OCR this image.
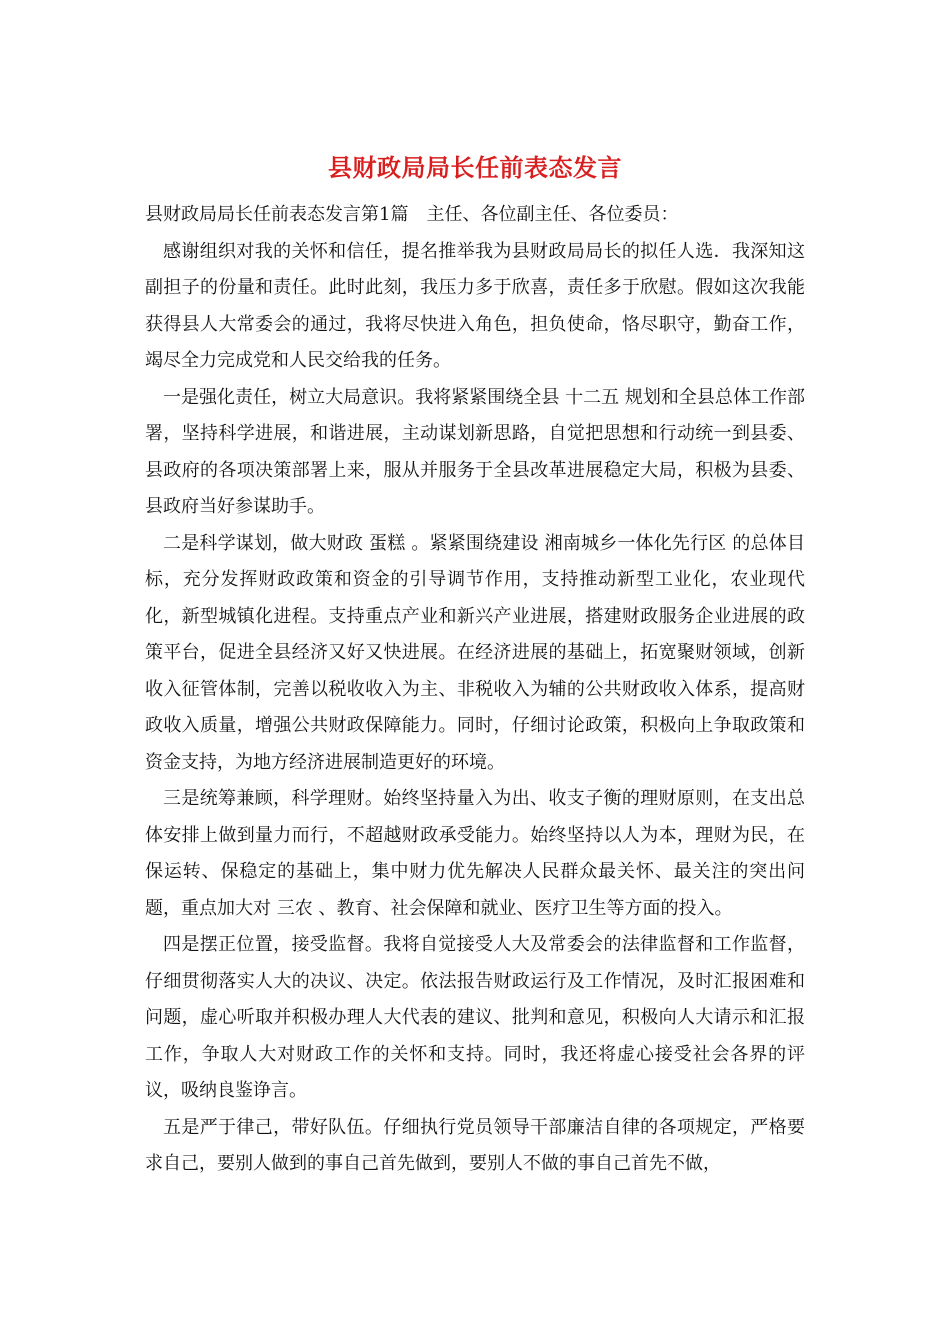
县财政局局长任前表态发言

县财政局局长任前表态发言第1篇　主任、各位副主任、各位委员：

感谢组织对我的关怀和信任，提名推举我为县财政局局长的拟任人选．我深知这副担子的份量和责任。此时此刻，我压力多于欣喜，责任多于欣慰。假如这次我能获得县人大常委会的通过，我将尽快进入角色，担负使命，恪尽职守，勤奋工作，竭尽全力完成党和人民交给我的任务。

一是强化责任，树立大局意识。我将紧紧围绕全县 十二五 规划和全县总体工作部署，坚持科学进展，和谐进展，主动谋划新思路，自觉把思想和行动统一到县委、县政府的各项决策部署上来，服从并服务于全县改革进展稳定大局，积极为县委、县政府当好参谋助手。

二是科学谋划，做大财政 蛋糕 。紧紧围绕建设 湘南城乡一体化先行区 的总体目标，充分发挥财政政策和资金的引导调节作用，支持推动新型工业化，农业现代化，新型城镇化进程。支持重点产业和新兴产业进展，搭建财政服务企业进展的政策平台，促进全县经济又好又快进展。在经济进展的基础上，拓宽聚财领域，创新收入征管体制，完善以税收收入为主、非税收入为辅的公共财政收入体系，提高财政收入质量，增强公共财政保障能力。同时，仔细讨论政策，积极向上争取政策和资金支持，为地方经济进展制造更好的环境。

三是统筹兼顾，科学理财。始终坚持量入为出、收支子衡的理财原则，在支出总体安排上做到量力而行，不超越财政承受能力。始终坚持以人为本，理财为民，在保运转、保稳定的基础上，集中财力优先解决人民群众最关怀、最关注的突出问题，重点加大对 三农 、教育、社会保障和就业、医疗卫生等方面的投入。

四是摆正位置，接受监督。我将自觉接受人大及常委会的法律监督和工作监督，仔细贯彻落实人大的决议、决定。依法报告财政运行及工作情况，及时汇报困难和问题，虚心听取并积极办理人大代表的建议、批判和意见，积极向人大请示和汇报工作，争取人大对财政工作的关怀和支持。同时，我还将虚心接受社会各界的评议，吸纳良鉴诤言。

五是严于律己，带好队伍。仔细执行党员领导干部廉洁自律的各项规定，严格要求自己，要别人做到的事自己首先做到，要别人不做的事自己首先不做，
